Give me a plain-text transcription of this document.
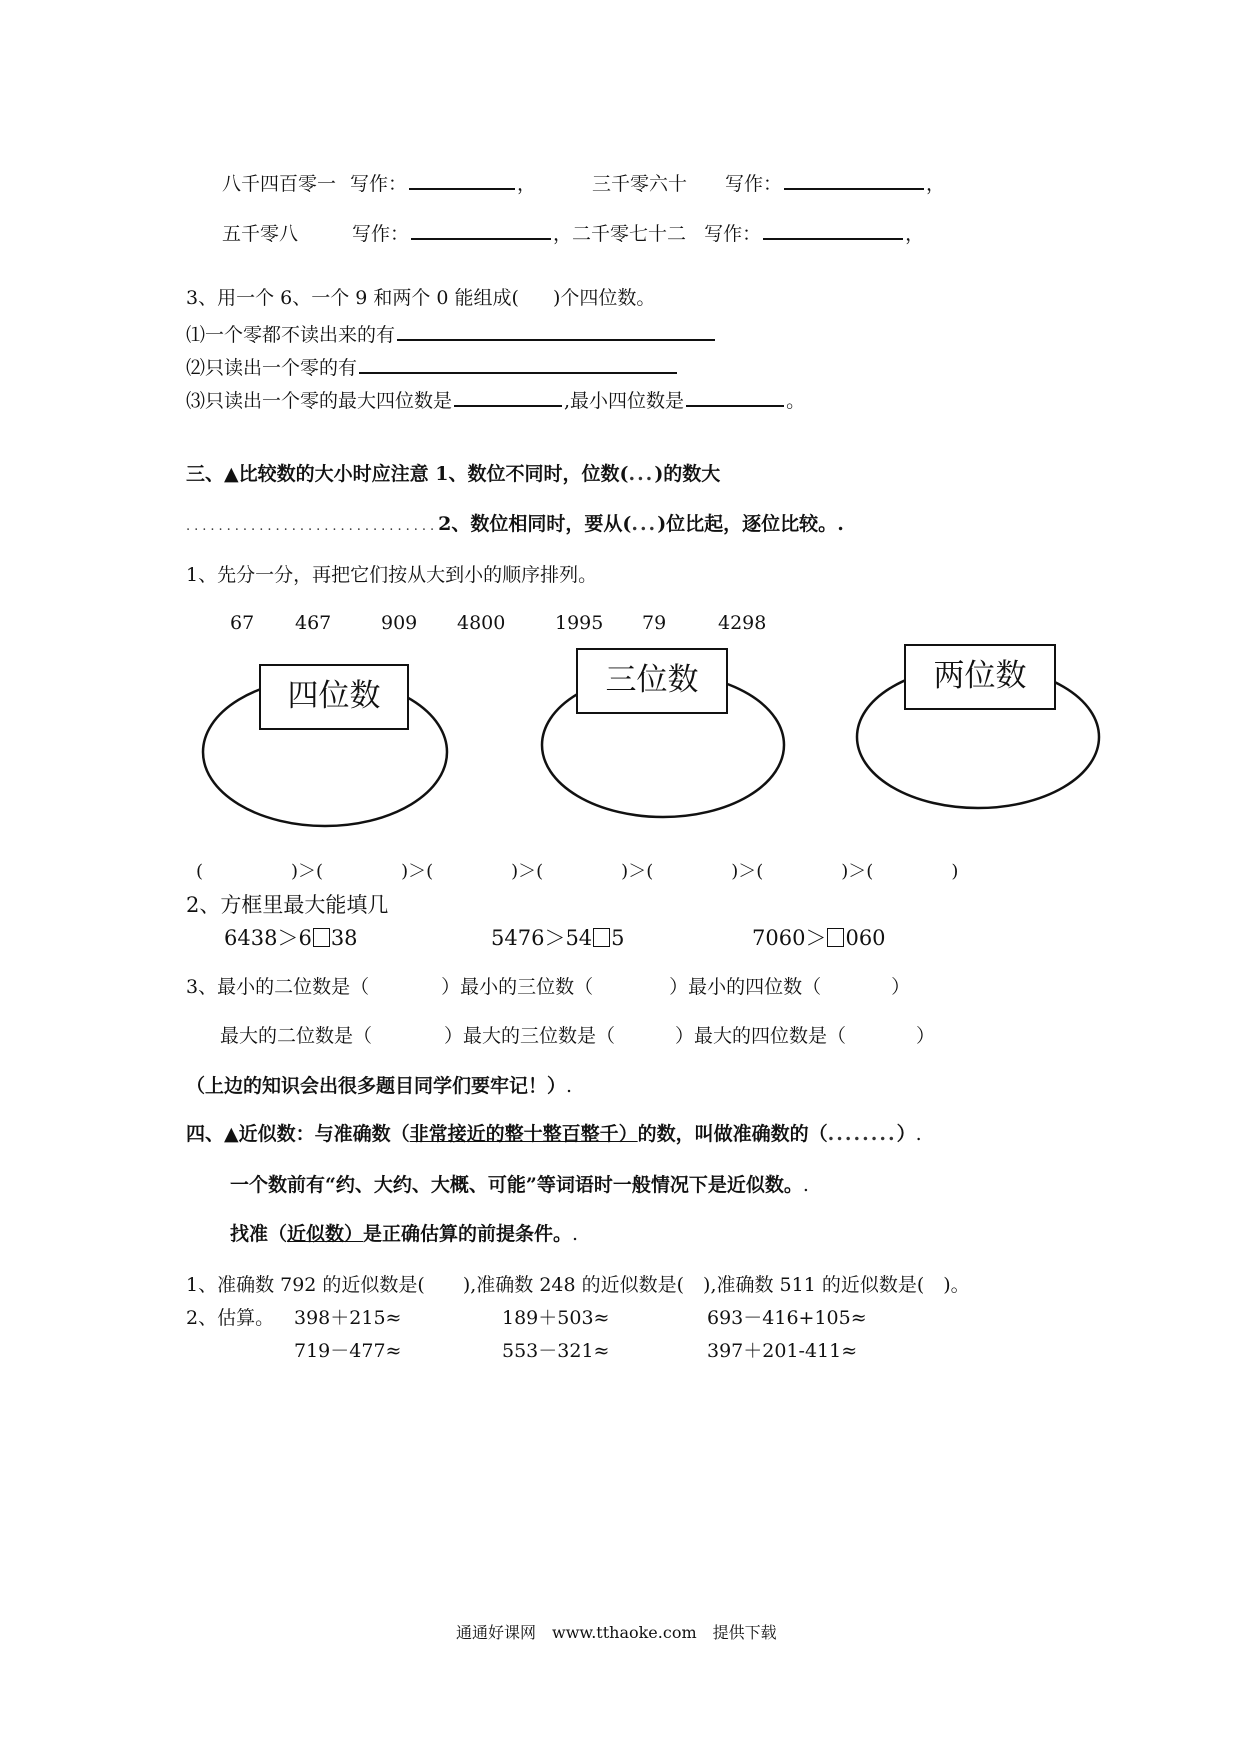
八千四百零一 写作：	，	三千零六十 写作：	，
五千零八	写作：	，二千零七十二 写作：	，
3、用一个 6、一个 9 和两个 0 能组成( )个四位数。
⑴一个零都不读出来的有
⑵只读出一个零的有
⑶只读出一个零的最大四位数是	,最小四位数是	。
三、▲比较数的大小时应注意 1、数位不同时，位数(...)的数大
...............................2、数位相同时，要从(...)位比起，逐位比较。.
1、先分一分，再把它们按从大到小的顺序排列。
67 467	909 4800	1995 79	4298
四位数	三位数	两位数
(	)＞(	)＞(	)＞(	)＞(	)＞(	)＞(	)
2、方框里最大能填几
6438＞6 38	5476＞54 5	7060＞ 060
3、最小的二位数是（	）最小的三位数（	）最小的四位数（	）
最大的二位数是（	）最大的三位数是（	）最大的四位数是（	）
（上边的知识会出很多题目同学们要牢记！）.
四、▲近似数：与准确数（非常接近的整十整百整千）的数，叫做准确数的（........）.
一个数前有“约、大约、大概、可能”等词语时一般情况下是近似数。.
找准（近似数）是正确估算的前提条件。.
1、准确数 792 的近似数是(　　),准确数 248 的近似数是(　),准确数 511 的近似数是(　)。
2、估算。 398＋215≈	189＋503≈	693－416+105≈
719－477≈	553－321≈	397＋201-411≈
通通好课网　www.tthaoke.com　提供下载
